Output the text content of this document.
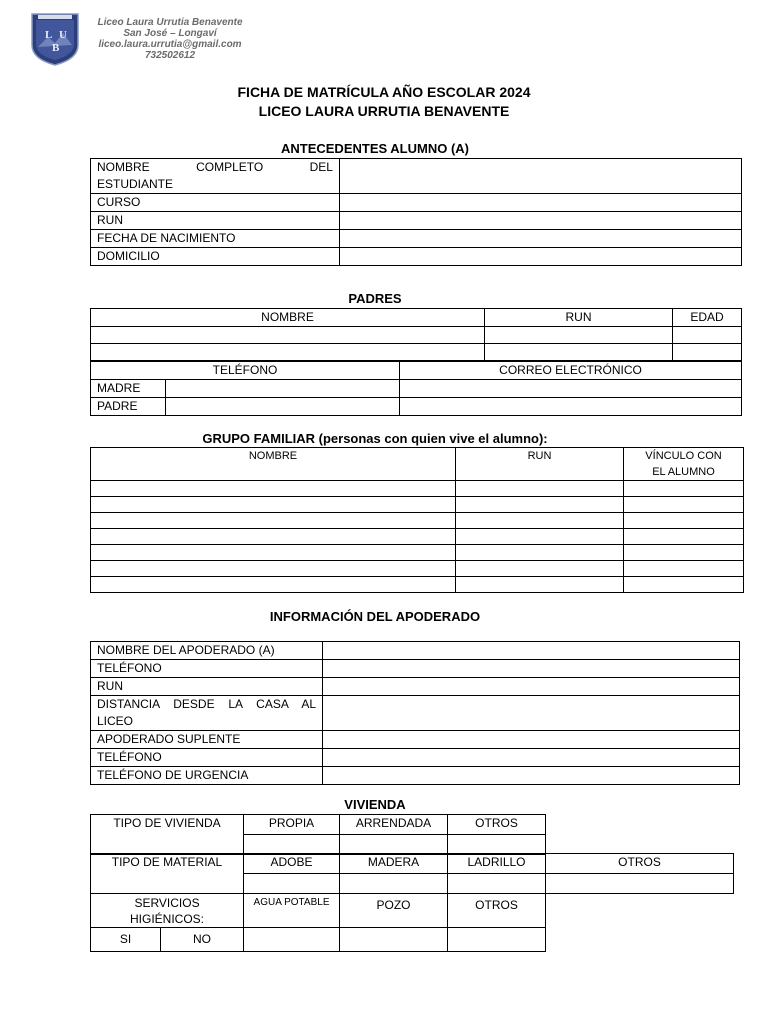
L U
B
Liceo Laura Urrutia Benavente
San José – Longaví
liceo.laura.urrutia@gmail.com
732502612
FICHA DE MATRÍCULA AÑO ESCOLAR 2024
LICEO LAURA URRUTIA BENAVENTE
ANTECEDENTES ALUMNO (A)
NOMBRE COMPLETO DEL
ESTUDIANTE	
CURSO	
RUN	
FECHA DE NACIMIENTO	
DOMICILIO	
PADRES
NOMBRE	RUN	EDAD

TELÉFONO		CORREO ELECTRÓNICO
MADRE		
PADRE		
GRUPO FAMILIAR (personas con quien vive el alumno):
NOMBRE	RUN	VÍNCULO CON
EL ALUMNO

INFORMACIÓN DEL APODERADO
NOMBRE DEL APODERADO (A)	
TELÉFONO	
RUN	

DISTANCIA DESDE LA CASA AL
LICEO	
APODERADO SUPLENTE	
TELÉFONO	
TELÉFONO DE URGENCIA	
VIVIENDA
TIPO DE VIVIENDA	PROPIA	ARRENDADA	OTROS

TIPO DE MATERIAL	ADOBE	MADERA	LADRILLO	OTROS

SERVICIOS HIGIÉNICOS:		AGUA POTABLE	POZO	OTROS
SI	NO			
